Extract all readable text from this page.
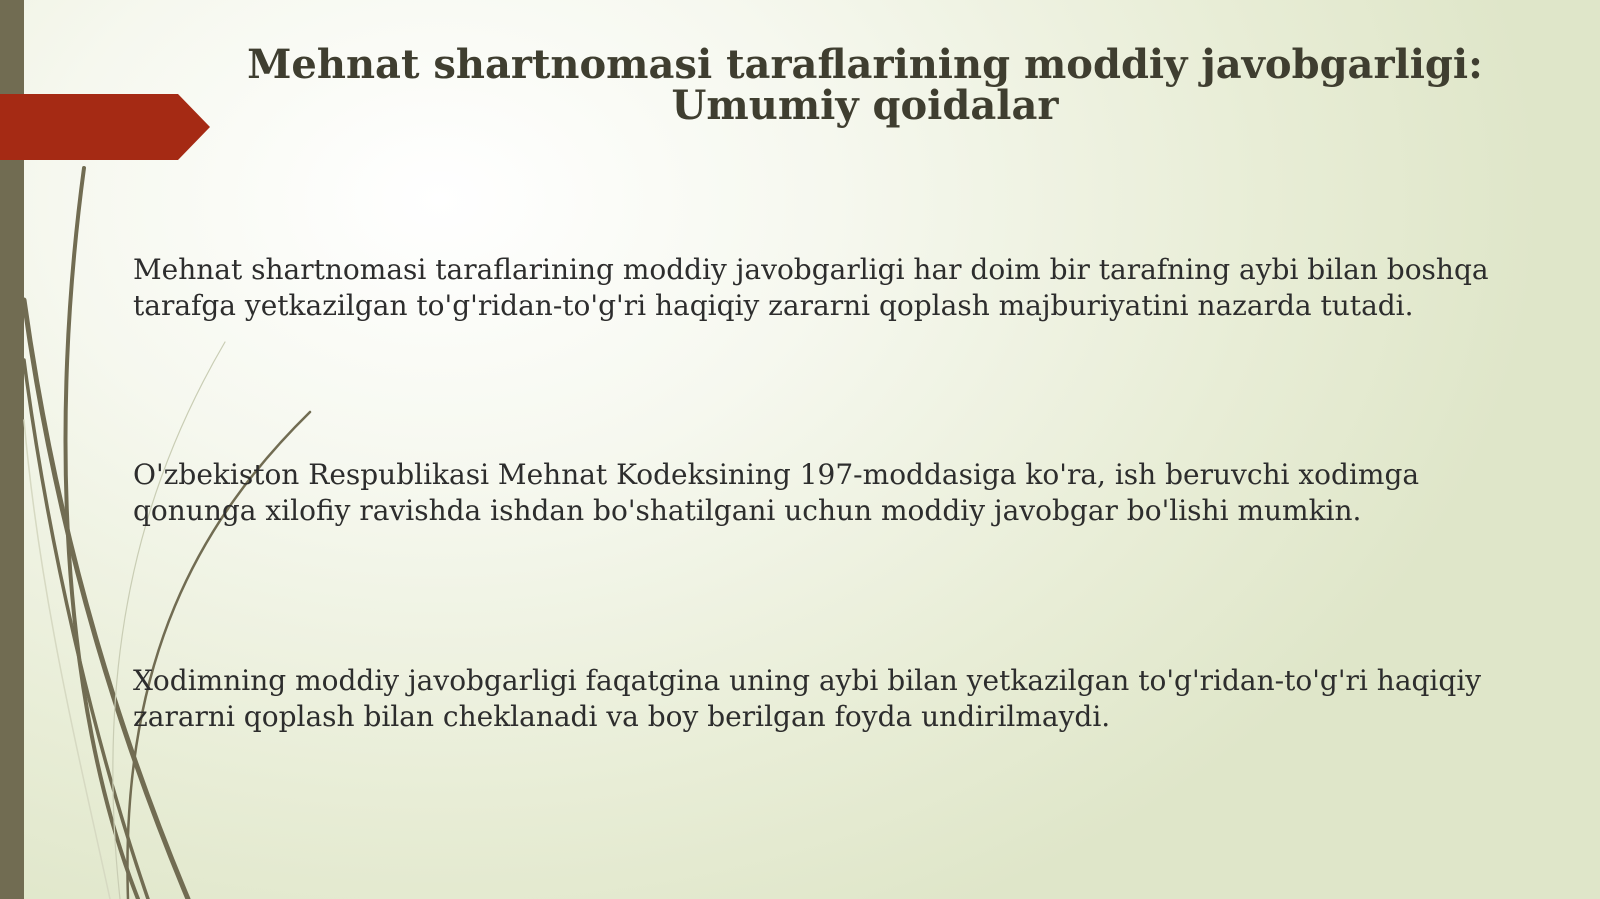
Mehnat shartnomasi taraflarining moddiy javobgarligi: Umumiy qoidalar

Mehnat shartnomasi taraflarining moddiy javobgarligi har doim bir tarafning aybi bilan boshqa tarafga yetkazilgan to'g'ridan-to'g'ri haqiqiy zararni qoplash majburiyatini nazarda tutadi.

O'zbekiston Respublikasi Mehnat Kodeksining 197-moddasiga ko'ra, ish beruvchi xodimga qonunga xilofiy ravishda ishdan bo'shatilgani uchun moddiy javobgar bo'lishi mumkin.

Xodimning moddiy javobgarligi faqatgina uning aybi bilan yetkazilgan to'g'ridan-to'g'ri haqiqiy zararni qoplash bilan cheklanadi va boy berilgan foyda undirilmaydi.
